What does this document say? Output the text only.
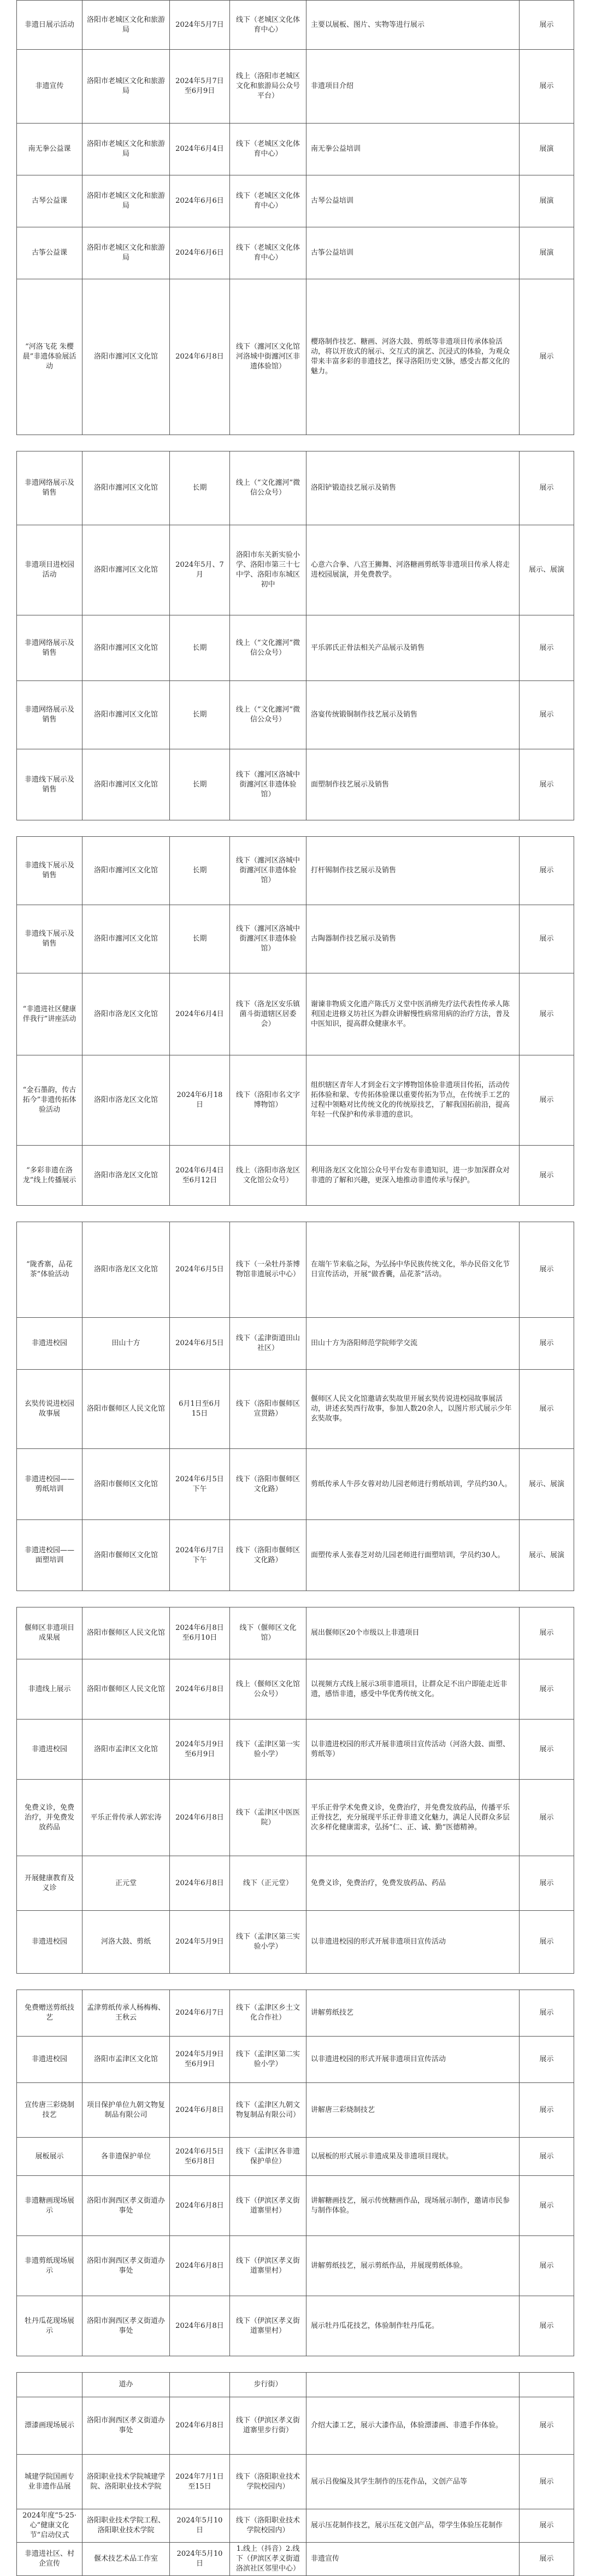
非遗日展示活动	洛阳市老城区文化和旅游局	2024年5月7日	线下（老城区文化体育中心）	主要以展板、图片、实物等进行展示	展示
非遗宣传	洛阳市老城区文化和旅游局	2024年5月7日至6月9日	线上（洛阳市老城区文化和旅游局公众号平台）	非遗项目介绍	展示
南无拳公益课	洛阳市老城区文化和旅游局	2024年6月4日	线下（老城区文化体育中心）	南无拳公益培训	展演
古琴公益课	洛阳市老城区文化和旅游局	2024年6月6日	线下（老城区文化体育中心）	古琴公益培训	展演
古筝公益课	洛阳市老城区文化和旅游局	2024年6月6日	线下（老城区文化体育中心）	古筝公益培训	展演
“河洛飞花 朱樱晨”非遗体验展活动	洛阳市瀍河区文化馆	2024年6月8日	线下（瀍河区文化馆河洛城中街瀍河区非遗体验馆）	樱珞制作技艺、糖画、河洛大鼓、剪纸等非遗项目传承体验活动，将以开放式的展示、交互式的演艺、沉浸式的体验，为观众带来丰富多彩的非遗技艺，探寻洛阳历史文脉，感受古都文化的魅力。	展示
非遗网络展示及销售	洛阳市瀍河区文化馆	长期	线上（“文化瀍河”微信公众号）	洛阳铲锻造技艺展示及销售	展示
非遗项目进校园活动	洛阳市瀍河区文化馆	2024年5月、7月	洛阳市东关新实验小学、洛阳市第三十七中学、洛阳市东城区初中	心意六合拳、八宫王狮舞、河洛糖画剪纸等非遗项目传承人将走进校园展演，并免费教学。	展示、展演
非遗网络展示及销售	洛阳市瀍河区文化馆	长期	线上（“文化瀍河”微信公众号）	平乐郭氏正骨法相关产品展示及销售	展示
非遗网络展示及销售	洛阳市瀍河区文化馆	长期	线上（“文化瀍河”微信公众号）	洛宴传统锻铜制作技艺展示及销售	展示
非遗线下展示及销售	洛阳市瀍河区文化馆	长期	线下（瀍河区洛城中街瀍河区非遗体验馆）	面塑制作技艺展示及销售	展示
非遗线下展示及销售	洛阳市瀍河区文化馆	长期	线下（瀍河区洛城中街瀍河区非遗体验馆）	打杆锡制作技艺展示及销售	展示
非遗线下展示及销售	洛阳市瀍河区文化馆	长期	线下（瀍河区洛城中街瀍河区非遗体验馆）	古陶器制作技艺展示及销售	展示
“非遗进社区健康伴我行”讲座活动	洛阳市洛龙区文化馆	2024年6月4日	线下（洛龙区安乐镇菌斗街道辖区居委会）	谢谏非物质文化遗产陈氏万义堂中医消痹先疗法代表性传承人陈利国走进修义坊社区为群众讲解慢性病常用病的治疗方法，普及中医知识，提高群众健康水平。	展示
“金石墨韵，传古拓今”非遗传拓体验活动	洛阳市洛龙区文化馆	2024年6月18日	线下（洛阳市名文字博物馆）	组织辖区青年人才到金石文字博物馆体验非遗项目传拓，活动传拓体验和蒙、专传拓体验课以重要传拓为节点，在传统手工艺的过程中领略对比传统文化的传统原技艺，了解我国拓前沿，提高年轻一代保护和传承非遗的意识。	展示
“多彩非遗在洛龙”线上传播展示	洛阳市洛龙区文化馆	2024年6月4日至6月12日	线上（洛阳市洛龙区文化馆公众号）	利用洛龙区文化馆公众号平台发布非遗知识，进一步加深群众对非遗的了解和兴趣，更深入地推动非遗传承与保护。	展示
“陇香寨，品花茶”体验活动	洛阳市洛龙区文化馆	2024年6月5日	线下（一朵牡丹茶博物馆非遗展示中心）	在端午节来临之际，为弘扬中华民族传统文化，举办民俗文化节日宣传活动，开展“做香囊，品花茶”活动。	展示
非遗进校园	田山十方	2024年6月5日	线下（孟津街道田山社区）	田山十方为洛阳师范学院师学交流	展示
玄奘传说进校园故事展	洛阳市偃师区人民文化馆	6月1日至6月15日	线下（洛阳市偃师区宣贯路）	偃师区人民文化馆邀请玄奘故里开展玄奘传说进校园故事展活动，讲述玄奘西行故事，参加人数20余人，以图片形式展示少年玄奘故事。	展示
非遗进校园——剪纸培训	洛阳市偃师区文化馆	2024年6月5日下午	线下（洛阳市偃师区文化路）	剪纸传承人牛莎女蓉对幼儿园老师进行剪纸培训，学员约30人。	展示、展演
非遗进校园——面塑培训	洛阳市偃师区文化馆	2024年6月7日下午	线下（洛阳市偃师区文化路）	面塑传承人张春芝对幼儿园老师进行面塑培训，学员约30人。	展示、展演
偃师区非遗项目成果展	洛阳市偃师区人民文化馆	2024年6月8日至6月10日	线下（偃师区文化馆）	展出偃师区20个市级以上非遗项目	展示
非遗线上展示	洛阳市偃师区人民文化馆	2024年6月8日	线上（偃师区文化馆公众号）	以视频方式线上展示3项非遗项目，让群众足不出户即能走近非遗，感悟非遗，感受中华优秀传统文化。	展示
非遗进校园	洛阳市孟津区文化馆	2024年5月9日至6月9日	线下（孟津区第一实验小学）	以非遗进校园的形式开展非遗项目宣传活动（河洛大鼓、面塑、剪纸等）	展示
免费义诊，免费治疗，并免费发放药品	平乐正骨传承人郭宏涛	2024年6月8日	线下（孟津区中医医院）	平乐正骨学术免费义诊，免费治疗，并免费发放药品，传播平乐正骨技艺，充分展现平乐正骨非遗文化魅力，满足人民群众多层次多样化健康需求，弘扬“仁、正、诚、勤”医德精神。	展示
开展健康教育及义诊	正元堂	2024年6月8日	线下（正元堂）	免费义诊，免费治疗，免费发放药品、药品	展示
非遗进校园	河洛大鼓、剪纸	2024年5月9日	线下（孟津区第三实验小学）	以非遗进校园的形式开展非遗项目宣传活动	展示
免费赠送剪纸技艺	孟津剪纸传承人杨梅梅、王秋云	2024年6月7日	线下（孟津区乡土文化合作社）	讲解剪纸技艺	展示
非遗进校园	洛阳市孟津区文化馆	2024年5月9日至6月9日	线下（孟津区第二实验小学）	以非遗进校园的形式开展非遗项目宣传活动	展示
宣传唐三彩烧制技艺	项目保护单位九朝文物复制品有限公司	2024年6月8日	线下（孟津区九朝文物复制品有限公司）	讲解唐三彩烧制技艺	展示
展板展示	各非遗保护单位	2024年6月5日至6月8日	线下（孟津区各非遗保护单位）	以展板的形式展示非遗成果及非遗项目现状。	展示
非遗糖画现场展示	洛阳市涧西区孝义街道办事处	2024年6月8日	线下（伊滨区孝义街道寨里村）	讲解糖画技艺，展示传统糖画作品，现场展示制作，邀请市民参与制作体验。	展示
非遗剪纸现场展示	洛阳市涧西区孝义街道办事处	2024年6月8日	线下（伊滨区孝义街道寨里村）	讲解剪纸技艺，展示剪纸作品，并展现剪纸体验。	展示
牡丹瓜花现场展示	洛阳市涧西区孝义街道办事处	2024年6月8日	线下（伊滨区孝义街道寨里村）	展示牡丹瓜花技艺，体验制作牡丹瓜花。	展示
	道办		步行街）		
漂漆画现场展示	洛阳市涧西区孝义街道办事处	2024年6月8日	线下（伊滨区孝义街道寨里步行街）	介绍大漆工艺，展示大漆作品，体验漂漆画、非遗手作体验。	展示
城建学院国画专业非遗作品展	洛阳职业技术学院城建学院、洛阳职业技术学院	2024年7月1日至15日	线下（洛阳职业技术学院校园内）	展示吕俊编及其学生制作的压花作品，文创产品等	展示
2024年度“5·25·心”健康文化节”启动仪式	洛阳职业技术学院工程、洛阳职业技术学院	2024年5月10日	线下（洛阳职业技术学院校园内）	展示压花制作技艺，展示压花文创产品，带学生体验压花制作	展示
非遗进社区、村企宣传	偃术技艺术品工作室	2024年5月10日	1.线上（抖音）2.线下（伊滨区孝义街道洛滨社区邻里中心）	非遗宣传	展示
